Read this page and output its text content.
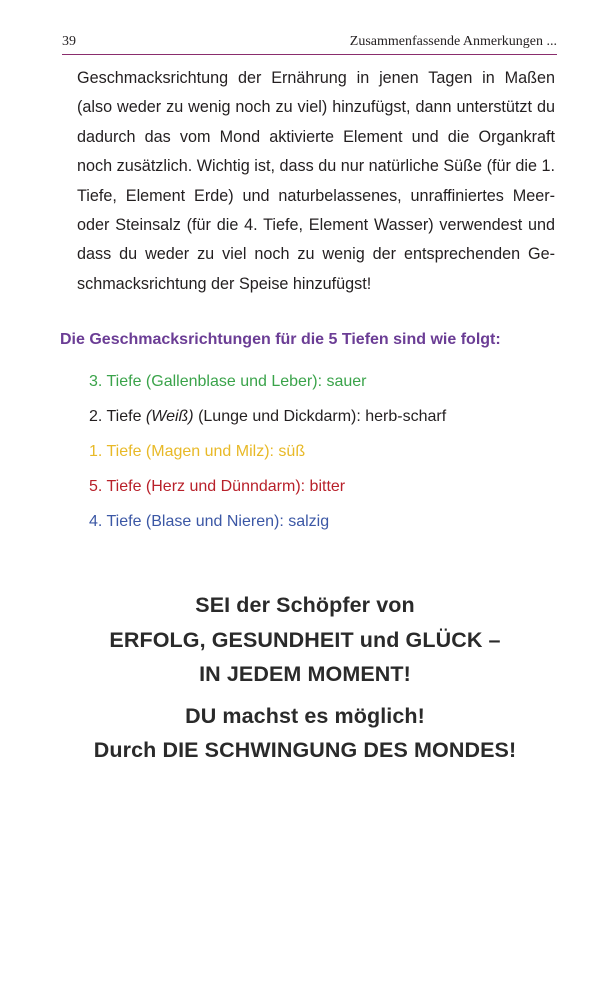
39	Zusammenfassende Anmerkungen ...

Geschmacksrichtung der Ernährung in jenen Tagen in Maßen (also weder zu wenig noch zu viel) hinzufügst, dann unterstützt du dadurch das vom Mond aktivierte Element und die Organkraft noch zusätzlich. Wichtig ist, dass du nur natürliche Süße (für die 1. Tiefe, Element Erde) und naturbelassenes, unraffiniertes Meeroder Steinsalz (für die 4. Tiefe, Element Wasser) verwendest und dass du weder zu viel noch zu wenig der entsprechenden Geschmacksrichtung der Speise hinzufügst!

Die Geschmacksrichtungen für die 5 Tiefen sind wie folgt:
3. Tiefe (Gallenblase und Leber): sauer
2. Tiefe (Weiß) (Lunge und Dickdarm): herb-scharf
1. Tiefe (Magen und Milz): süß
5. Tiefe (Herz und Dünndarm): bitter
4. Tiefe (Blase und Nieren): salzig
SEI der Schöpfer von
ERFOLG, GESUNDHEIT und GLÜCK –
IN JEDEM MOMENT!
DU machst es möglich!
Durch DIE SCHWINGUNG DES MONDES!
